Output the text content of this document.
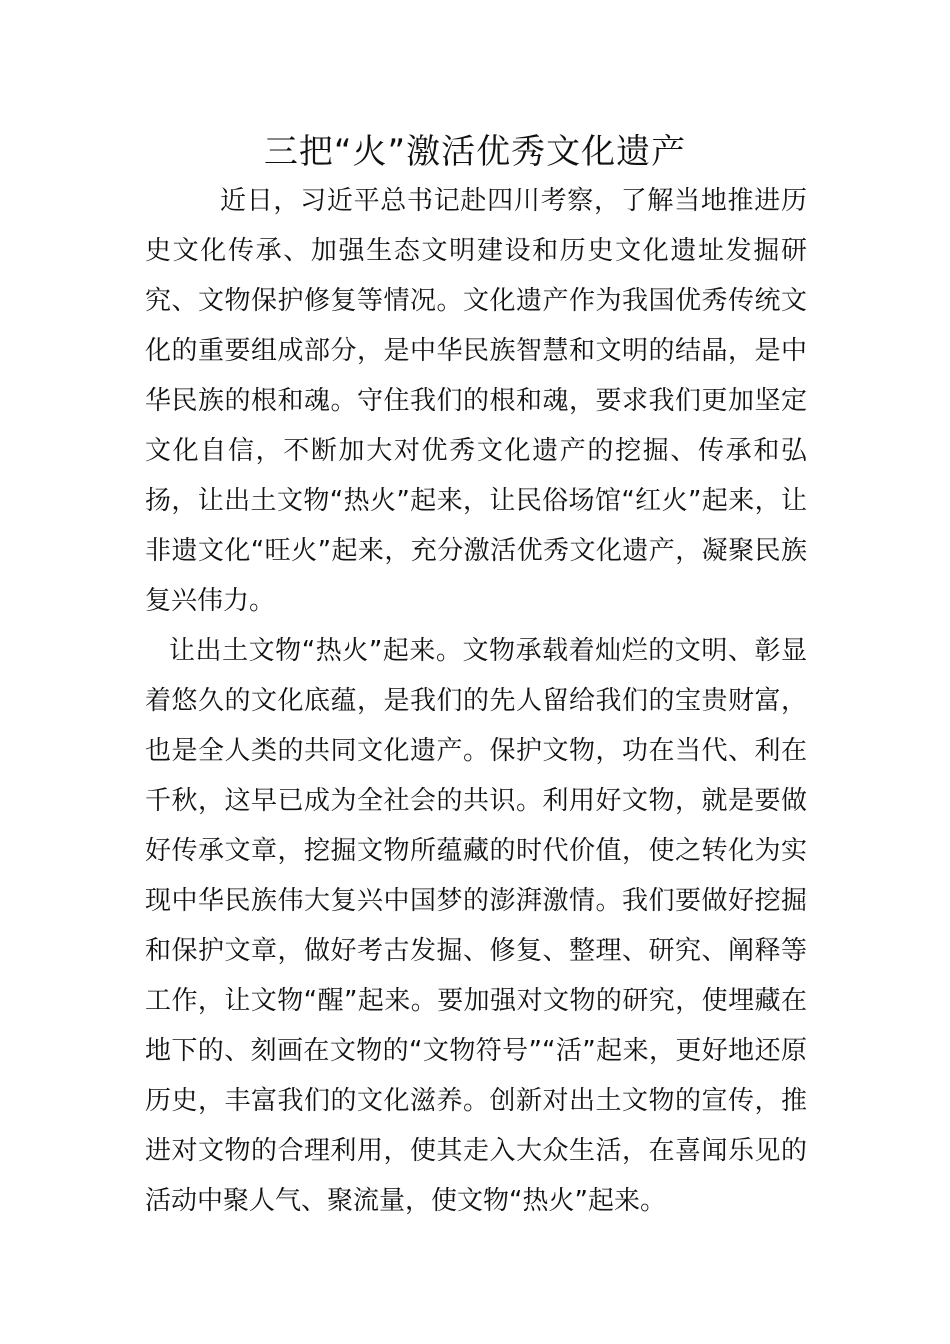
三把“火”激活优秀文化遗产

近日，习近平总书记赴四川考察，了解当地推进历史文化传承、加强生态文明建设和历史文化遗址发掘研究、文物保护修复等情况。文化遗产作为我国优秀传统文化的重要组成部分，是中华民族智慧和文明的结晶，是中华民族的根和魂。守住我们的根和魂，要求我们更加坚定文化自信，不断加大对优秀文化遗产的挖掘、传承和弘扬，让出土文物“热火”起来，让民俗场馆“红火”起来，让非遗文化“旺火”起来，充分激活优秀文化遗产，凝聚民族复兴伟力。

让出土文物“热火”起来。文物承载着灿烂的文明、彰显着悠久的文化底蕴，是我们的先人留给我们的宝贵财富，也是全人类的共同文化遗产。保护文物，功在当代、利在千秋，这早已成为全社会的共识。利用好文物，就是要做好传承文章，挖掘文物所蕴藏的时代价值，使之转化为实现中华民族伟大复兴中国梦的澎湃激情。我们要做好挖掘和保护文章，做好考古发掘、修复、整理、研究、阐释等工作，让文物“醒”起来。要加强对文物的研究，使埋藏在地下的、刻画在文物的“文物符号”“活”起来，更好地还原历史，丰富我们的文化滋养。创新对出土文物的宣传，推进对文物的合理利用，使其走入大众生活，在喜闻乐见的活动中聚人气、聚流量，使文物“热火”起来。
